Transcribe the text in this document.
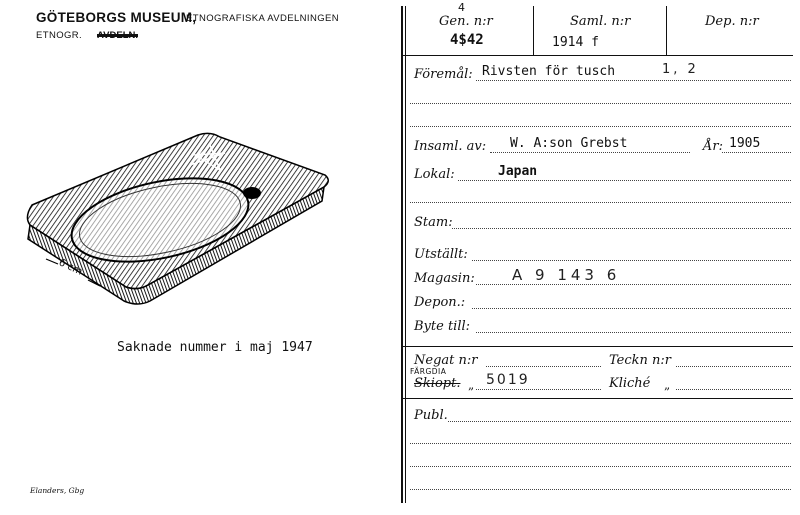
GÖTEBORGS MUSEUM,
ETNOGRAFISKA AVDELNINGEN
ETNOGR. AVDELN.
6 cm
Saknade nummer i maj 1947
Elanders, Gbg
Gen. n:r
4
4$42
Saml. n:r
1914 f
Dep. n:r
Föremål: Rivsten för tusch	1, 2
Insaml. av: W. A:son Grebst	År: 1905
Lokal:	Japan
Stam:
Utställt:
Magasin: A 9 143 6
Depon.:
Byte till:
Negat n:r	Teckn n:r
FÄRGDIA
Skiopt. „ 5019	Kliché „
Publ.
